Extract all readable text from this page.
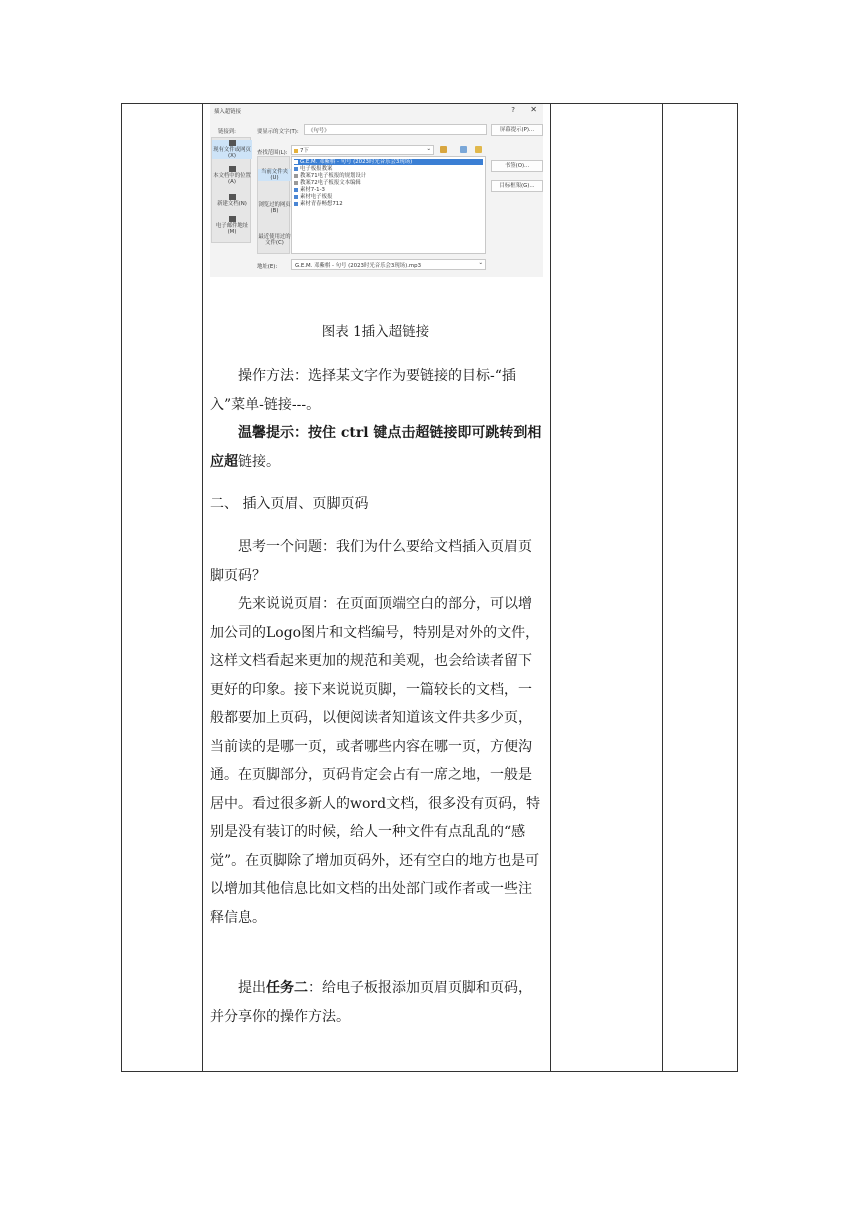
插入超链接	? ✕
链接到:	要显示的文字(T): 《句号》	屏幕提示(P)...
现有文件或网页(X)
本文档中的位置(A)
新建文档(N)
电子邮件地址(M)
查找范围(L):	7下	⌄
当前文件夹(U)
浏览过的网页(B)
最近使用过的文件(C)
G.E.M. 邓紫棋 - 句号 (2023时光音乐会3现场)
电子板报教案
教案71电子板报的规划设计
教案72电子板报文本编辑
素材7-1-3
素材电子板报
素材青春畅想712
书签(O)...
目标框架(G)...
地址(E):	G.E.M. 邓紫棋 - 句号 (2023时光音乐会3现场).mp3	⌄
图表 1插入超链接
操作方法：选择某文字作为要链接的目标-“插入”菜单-链接---。
温馨提示：按住 ctrl 键点击超链接即可跳转到相应超链接。
二、 插入页眉、页脚页码
思考一个问题：我们为什么要给文档插入页眉页脚页码？
先来说说页眉：在页面顶端空白的部分，可以增加公司的Logo图片和文档编号，特别是对外的文件，这样文档看起来更加的规范和美观，也会给读者留下更好的印象。接下来说说页脚，一篇较长的文档，一般都要加上页码，以便阅读者知道该文件共多少页，当前读的是哪一页，或者哪些内容在哪一页，方便沟通。在页脚部分，页码肯定会占有一席之地，一般是居中。看过很多新人的word文档，很多没有页码，特别是没有装订的时候，给人一种文件有点乱乱的“感觉”。在页脚除了增加页码外，还有空白的地方也是可以增加其他信息比如文档的出处部门或作者或一些注释信息。
提出任务二：给电子板报添加页眉页脚和页码，并分享你的操作方法。
